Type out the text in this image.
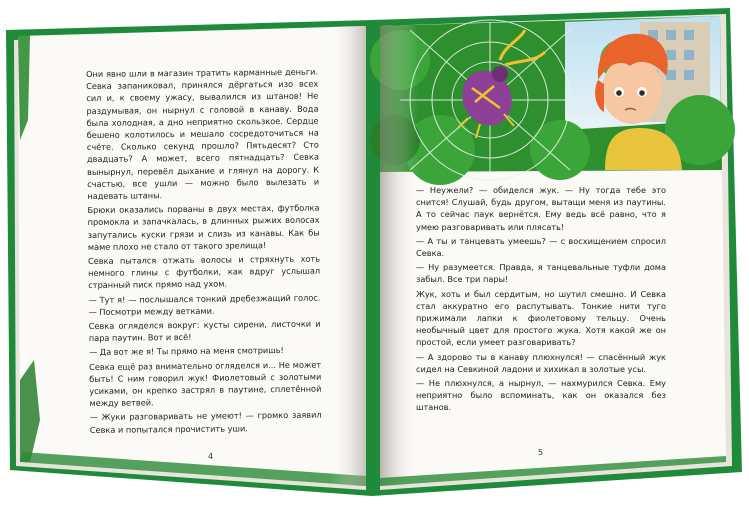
Они явно шли в магазин тратить карманные деньги. Севка запаниковал, принялся дёргаться изо всех сил и, к своему ужасу, вывалился из штанов! Не раздумывая, он нырнул с головой в канаву. Вода была холодная, а дно неприятно скользкое. Сердце бешено колотилось и мешало сосредоточиться на счёте. Сколько секунд прошло? Пятьдесят? Сто двадцать? А может, всего пятнадцать? Севка вынырнул, перевёл дыхание и глянул на дорогу. К счастью, все ушли — можно было вылезать и надевать штаны.

Брюки оказались порваны в двух местах, футболка промокла и запачкалась, в длинных рыжих волосах запутались куски грязи и слизь из канавы. Как бы маме плохо не стало от такого зрелища!

Севка пытался отжать волосы и стряхнуть хоть немного глины с футболки, как вдруг услышал странный писк прямо над ухом.

— Тут я! — послышался тонкий дребезжащий голос. — Посмотри между ветками.

Севка огляделся вокруг: кусты сирени, листочки и пара паутин. Вот и всё!

— Да вот же я! Ты прямо на меня смотришь!

Севка ещё раз внимательно огляделся и... Не может быть! С ним говорил жук! Фиолетовый с золотыми усиками, он крепко застрял в паутине, сплетённой между ветвей.

— Жуки разговаривать не умеют! — громко заявил Севка и попытался прочистить уши.

4

— Неужели? — обиделся жук. — Ну тогда тебе это снится! Слушай, будь другом, вытащи меня из паутины. А то сейчас паук вернётся. Ему ведь всё равно, что я умею разговаривать или плясать!

— А ты и танцевать умеешь? — с восхищением спросил Севка.

— Ну разумеется. Правда, я танцевальные туфли дома забыл. Все три пары!

Жук, хоть и был сердитым, но шутил смешно. И Севка стал аккуратно его распутывать. Тонкие нити туго прижимали лапки к фиолетовому тельцу. Очень необычный цвет для простого жука. Хотя какой же он простой, если умеет разговаривать?

— А здорово ты в канаву плюхнулся! — спасённый жук сидел на Севкиной ладони и хихикал в золотые усы.

— Не плюхнулся, а нырнул, — нахмурился Севка. Ему неприятно было вспоминать, как он оказался без штанов.

5
